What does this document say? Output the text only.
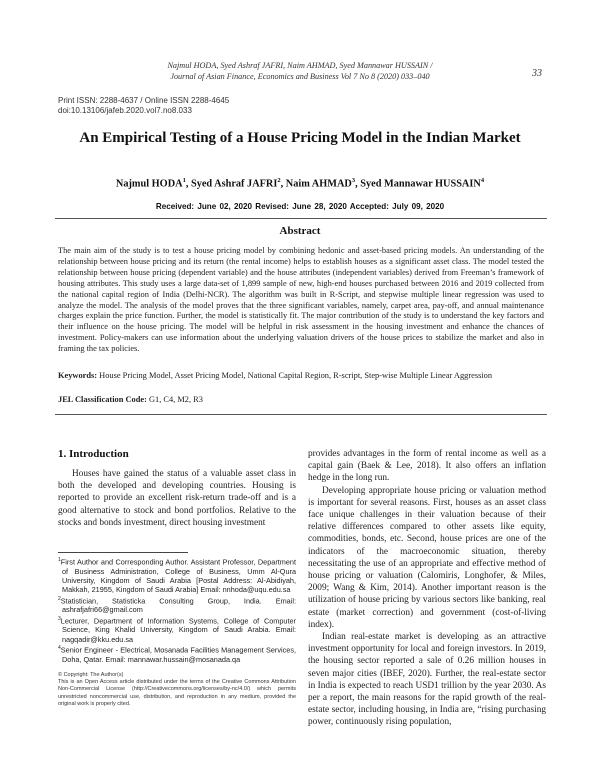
Najmul HODA, Syed Ashraf JAFRI, Naim AHMAD, Syed Mannawar HUSSAIN /
Journal of Asian Finance, Economics and Business Vol 7 No 8 (2020) 033–040	33
Print ISSN: 2288-4637 / Online ISSN 2288-4645
doi:10.13106/jafeb.2020.vol7.no8.033
An Empirical Testing of a House Pricing Model in the Indian Market
Najmul HODA$^1$, Syed Ashraf JAFRI$^2$, Naim AHMAD$^3$, Syed Mannawar HUSSAIN$^4$
Received: June 02, 2020 Revised: June 28, 2020 Accepted: July 09, 2020
Abstract
The main aim of the study is to test a house pricing model by combining hedonic and asset-based pricing models. An understanding of the relationship between house pricing and its return (the rental income) helps to establish houses as a significant asset class. The model tested the relationship between house pricing (dependent variable) and the house attributes (independent variables) derived from Freeman’s framework of housing attributes. This study uses a large data-set of 1,899 sample of new, high-end houses purchased between 2016 and 2019 collected from the national capital region of India (Delhi-NCR). The algorithm was built in R-Script, and stepwise multiple linear regression was used to analyze the model. The analysis of the model proves that the three significant variables, namely, carpet area, pay-off, and annual maintenance charges explain the price function. Further, the model is statistically fit. The major contribution of the study is to understand the key factors and their influence on the house pricing. The model will be helpful in risk assessment in the housing investment and enhance the chances of investment. Policy-makers can use information about the underlying valuation drivers of the house prices to stabilize the market and also in framing the tax policies.
Keywords: House Pricing Model, Asset Pricing Model, National Capital Region, R-script, Step-wise Multiple Linear Aggression
JEL Classification Code: G1, C4, M2, R3
1. Introduction

Houses have gained the status of a valuable asset class in both the developed and developing countries. Housing is reported to provide an excellent risk-return trade-off and is a good alternative to stock and bond portfolios. Relative to the stocks and bonds investment, direct housing investment

provides advantages in the form of rental income as well as a capital gain (Baek & Lee, 2018). It also offers an inflation hedge in the long run.

Developing appropriate house pricing or valuation method is important for several reasons. First, houses as an asset class face unique challenges in their valuation because of their relative differences compared to other assets like equity, commodities, bonds, etc. Second, house prices are one of the indicators of the macroeconomic situation, thereby necessitating the use of an appropriate and effective method of house pricing or valuation (Calomiris, Longhofer, & Miles, 2009; Wang & Kim, 2014). Another important reason is the utilization of house pricing by various sectors like banking, real estate (market correction) and government (cost-of-living index).

Indian real-estate market is developing as an attractive investment opportunity for local and foreign investors. In 2019, the housing sector reported a sale of 0.26 million houses in seven major cities (IBEF, 2020). Further, the real-estate sector in India is expected to reach USD1 trillion by the year 2030. As per a report, the main reasons for the rapid growth of the real-estate sector, including housing, in India are, “rising purchasing power, continuously rising population,

$^1$First Author and Corresponding Author. Assistant Professor, Department of Business Administration, College of Business, Umm Al-Qura University, Kingdom of Saudi Arabia [Postal Address: Al-Abidiyah, Makkah, 21955, Kingdom of Saudi Arabia] Email: nnhoda@uqu.edu.sa
$^2$Statistician, Statisticka Consulting Group, India. Email: ashrafjafri66@gmail.com
$^3$Lecturer, Department of Information Systems, College of Computer Science, King Khalid University, Kingdom of Saudi Arabia. Email: nagqadir@kku.edu.sa
$^4$Senior Engineer - Electrical, Mosanada Facilities Management Services, Doha, Qatar. Email: mannawar.hussain@mosanada.qa
© Copyright: The Author(s)
This is an Open Access article distributed under the terms of the Creative Commons Attribution Non-Commercial License (http://Creativecommons.org/licenses/by-nc/4.0/) which permits unrestricted noncommercial use, distribution, and reproduction in any medium, provided the original work is properly cited.
